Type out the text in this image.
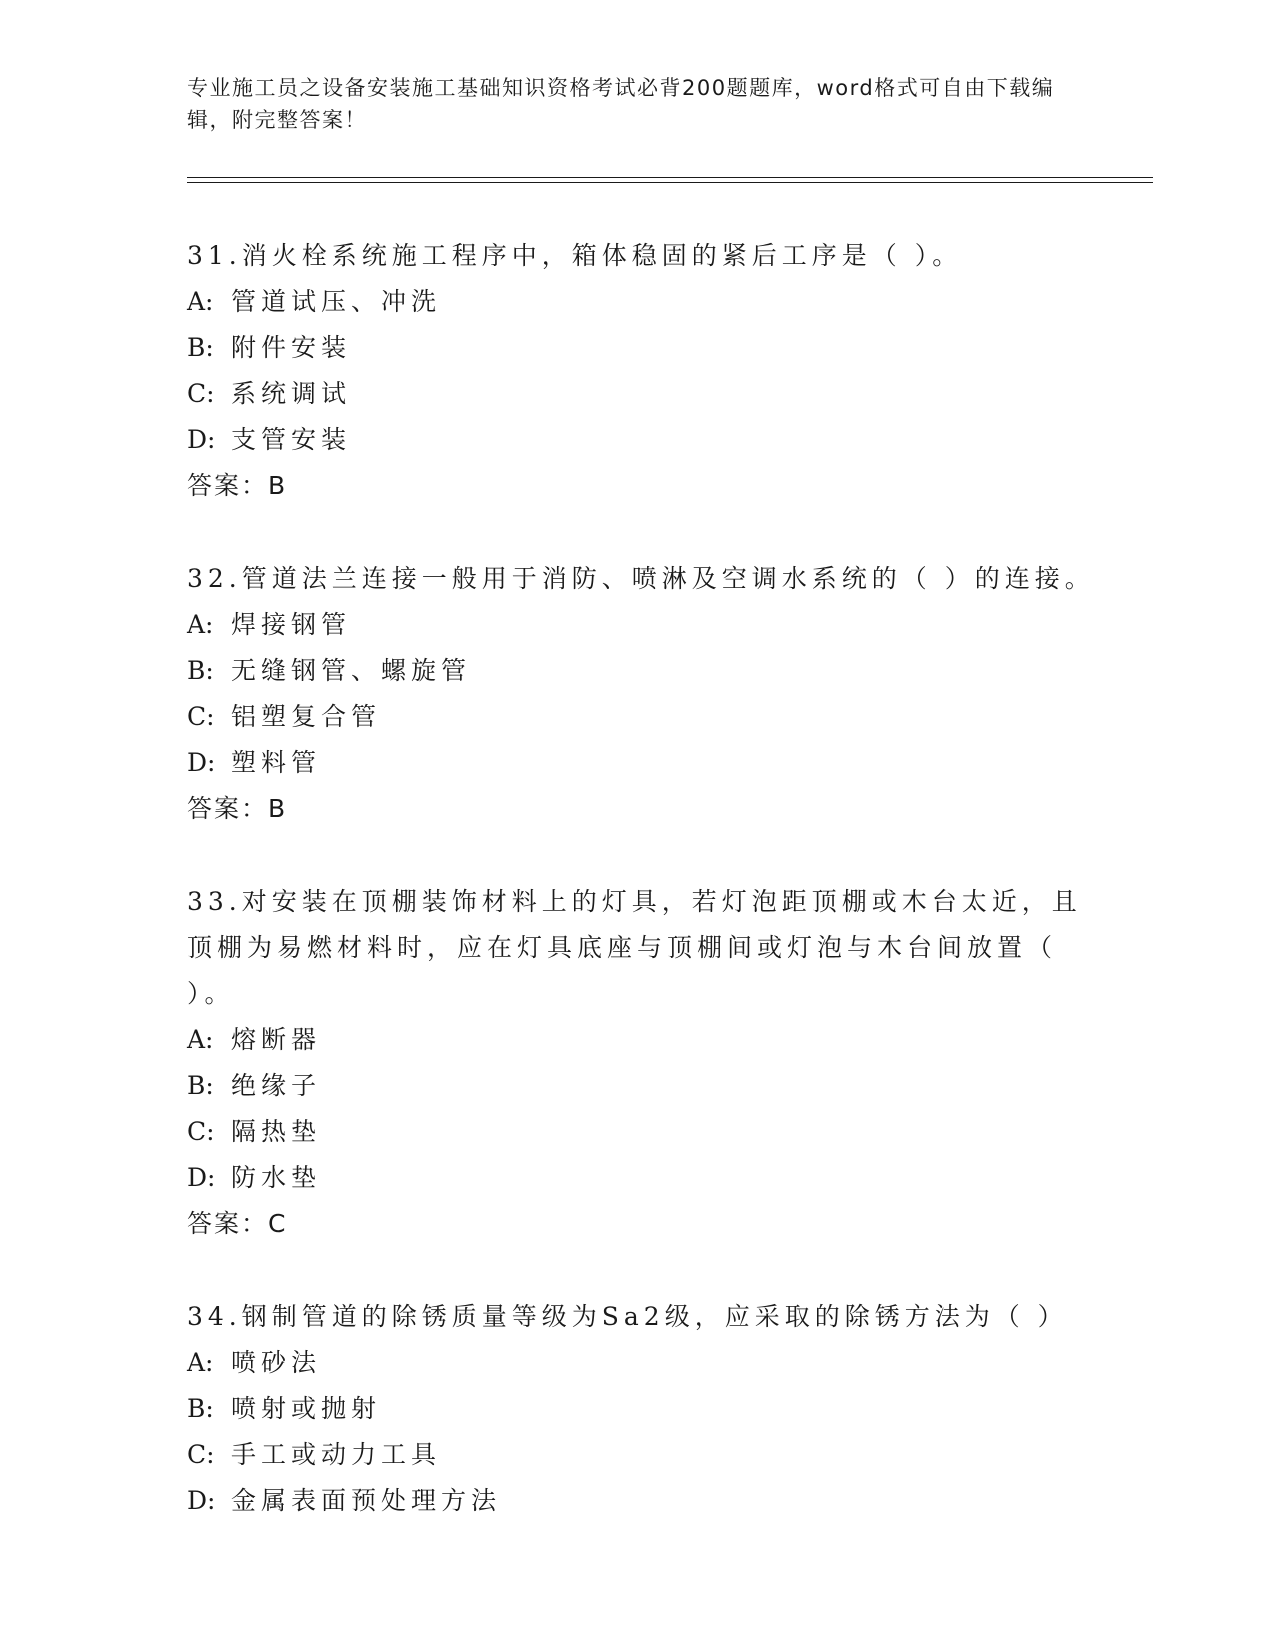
专业施工员之设备安装施工基础知识资格考试必背200题题库，word格式可自由下载编辑，附完整答案！
31.消火栓系统施工程序中，箱体稳固的紧后工序是（ ）。
A: 管道试压、冲洗
B: 附件安装
C: 系统调试
D: 支管安装
答案：B
32.管道法兰连接一般用于消防、喷淋及空调水系统的（ ）的连接。
A: 焊接钢管
B: 无缝钢管、螺旋管
C: 铝塑复合管
D: 塑料管
答案：B
33.对安装在顶棚装饰材料上的灯具，若灯泡距顶棚或木台太近，且顶棚为易燃材料时，应在灯具底座与顶棚间或灯泡与木台间放置（ ）。
A: 熔断器
B: 绝缘子
C: 隔热垫
D: 防水垫
答案：C
34.钢制管道的除锈质量等级为Sa2级，应采取的除锈方法为（ ）
A: 喷砂法
B: 喷射或抛射
C: 手工或动力工具
D: 金属表面预处理方法
